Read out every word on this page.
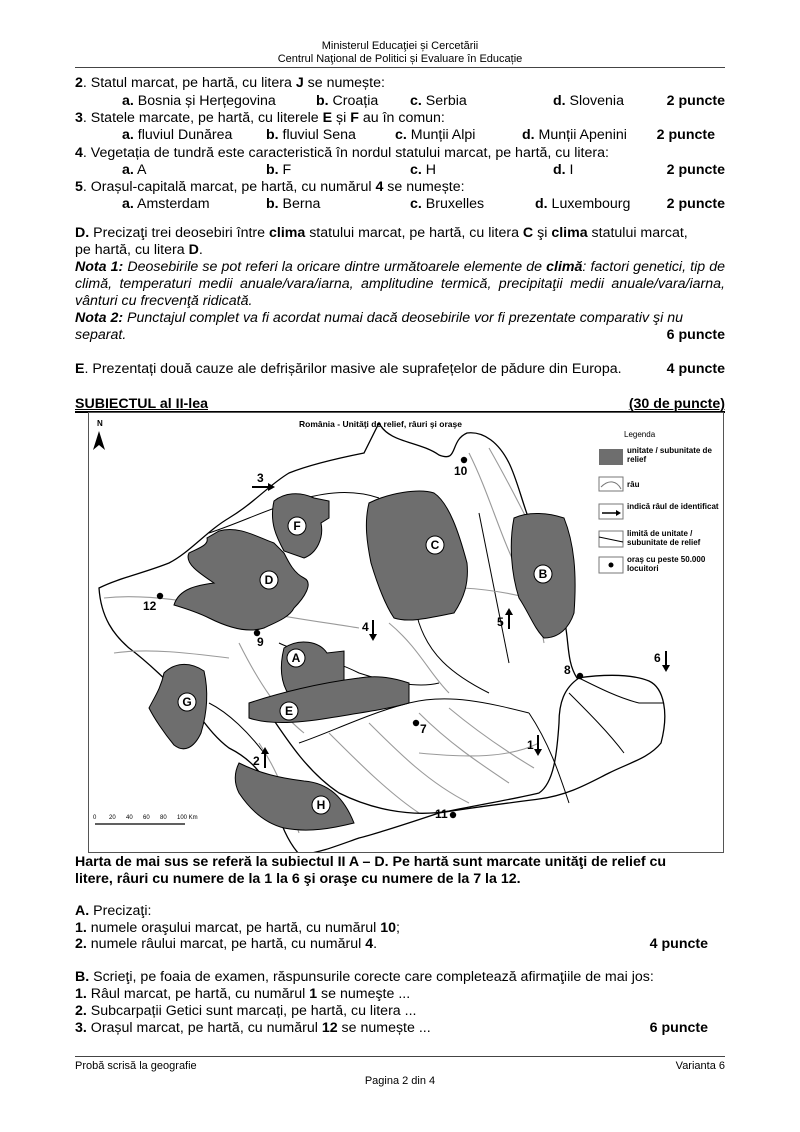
Ministerul Educaţiei și Cercetării
Centrul Naţional de Politici și Evaluare în Educație
2. Statul marcat, pe hartă, cu litera J se numește:
a. Bosnia și Herțegovina	b. Croația c. Serbia	d. Slovenia	2 puncte
3. Statele marcate, pe hartă, cu literele E și F au în comun:
a. fluviul Dunărea b. fluviul Sena	c. Munții Alpi	d. Munții Apenini 2 puncte
4. Vegetația de tundră este caracteristică în nordul statului marcat, pe hartă, cu litera:
a. A	b. F	c. H	d. I	2 puncte
5. Orașul-capitală marcat, pe hartă, cu numărul 4 se numește:
a. Amsterdam	b. Berna	c. Bruxelles	d. Luxembourg	2 puncte
D. Precizaţi trei deosebiri între clima statului marcat, pe hartă, cu litera C şi clima statului marcat,
pe hartă, cu litera D.
Nota 1: Deosebirile se pot referi la oricare dintre următoarele elemente de climă: factori genetici, tip de climă, temperaturi medii anuale/vara/iarna, amplitudine termică, precipitaţii medii anuale/vara/iarna, vânturi cu frecvenţă ridicată.
Nota 2: Punctajul complet va fi acordat numai dacă deosebirile vor fi prezentate comparativ şi nu
separat.	6 puncte
E. Prezentați două cauze ale defrișărilor masive ale suprafețelor de pădure din Europa.	4 puncte
SUBIECTUL al II-lea	(30 de puncte)
A
B
C
D
E
F
G
H
1
2
3
4	5
6
7
8
9
10
11
12
România - Unităţi de relief, râuri şi oraşe
N
0 20 40 60 80 100 Km
Legenda
unitate / subunitate de relief
râu
indică râul de identificat
limită de unitate / subunitate de relief
oraş cu peste 50.000 locuitori
Harta de mai sus se referă la subiectul II A – D. Pe hartă sunt marcate unităţi de relief cu
litere, râuri cu numere de la 1 la 6 şi oraşe cu numere de la 7 la 12.
A. Precizaţi:
1. numele oraşului marcat, pe hartă, cu numărul 10;
2. numele râului marcat, pe hartă, cu numărul 4.	4 puncte
B. Scrieţi, pe foaia de examen, răspunsurile corecte care completează afirmaţiile de mai jos:
1. Râul marcat, pe hartă, cu numărul 1 se numeşte ...
2. Subcarpații Getici sunt marcați, pe hartă, cu litera ...
3. Orașul marcat, pe hartă, cu numărul 12 se numește ...	6 puncte
Probă scrisă la geografie	Varianta 6
Pagina 2 din 4
